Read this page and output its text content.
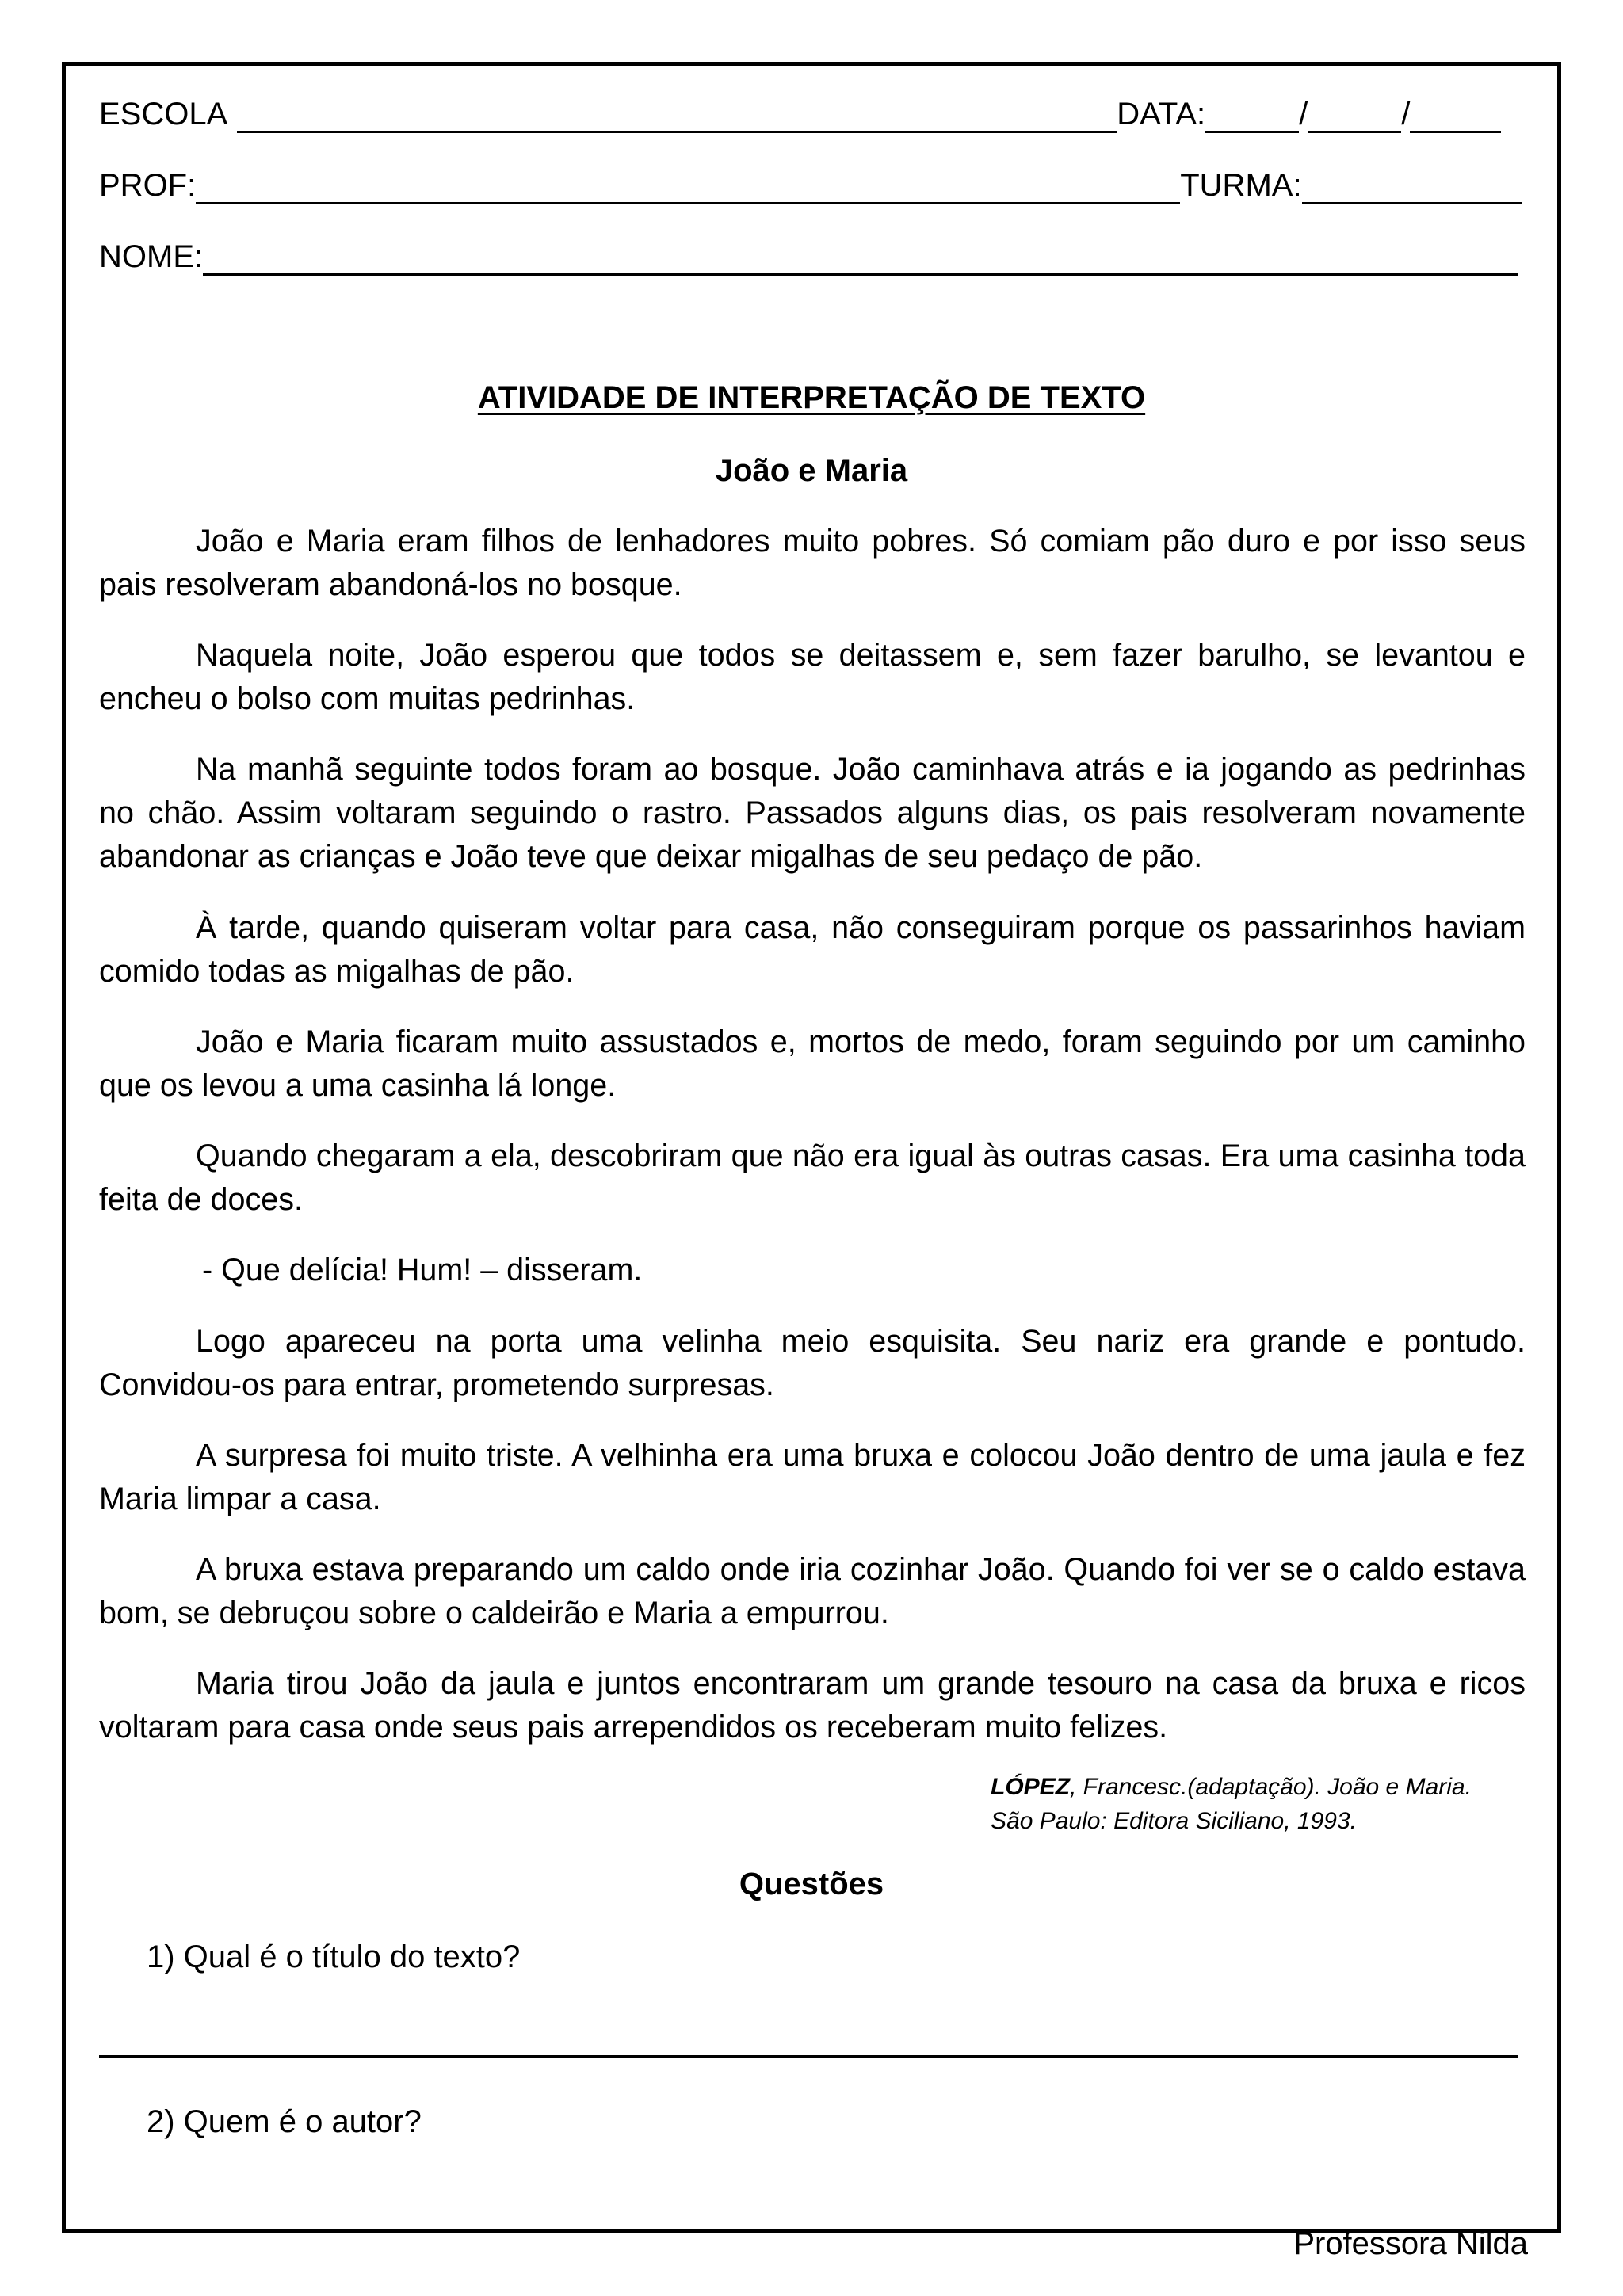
ESCOLA	DATA:	/	/
PROF:	TURMA:
NOME:
ATIVIDADE DE INTERPRETAÇÃO DE TEXTO
João e Maria
João e Maria eram filhos de lenhadores muito pobres. Só comiam pão duro e por isso seus pais resolveram abandoná-los no bosque.
Naquela noite, João esperou que todos se deitassem e, sem fazer barulho, se levantou e encheu o bolso com muitas pedrinhas.
Na manhã seguinte todos foram ao bosque. João caminhava atrás e ia jogando as pedrinhas no chão. Assim voltaram seguindo o rastro. Passados alguns dias, os pais resolveram novamente abandonar as crianças e João teve que deixar migalhas de seu pedaço de pão.
À tarde, quando quiseram voltar para casa, não conseguiram porque os passarinhos haviam comido todas as migalhas de pão.
João e Maria ficaram muito assustados e, mortos de medo, foram seguindo por um caminho que os levou a uma casinha lá longe.
Quando chegaram a ela, descobriram que não era igual às outras casas. Era uma casinha toda feita de doces.
- Que delícia! Hum! – disseram.
Logo apareceu na porta uma velinha meio esquisita. Seu nariz era grande e pontudo. Convidou-os para entrar, prometendo surpresas.
A surpresa foi muito triste. A velhinha era uma bruxa e colocou João dentro de uma jaula e fez Maria limpar a casa.
A bruxa estava preparando um caldo onde iria cozinhar João. Quando foi ver se o caldo estava bom, se debruçou sobre o caldeirão e Maria a empurrou.
Maria tirou João da jaula e juntos encontraram um grande tesouro na casa da bruxa e ricos voltaram para casa onde seus pais arrependidos os receberam muito felizes.
LÓPEZ, Francesc.(adaptação). João e Maria.
São Paulo: Editora Siciliano, 1993.
Questões
1) Qual é o título do texto?
2) Quem é o autor?
Professora Nilda
